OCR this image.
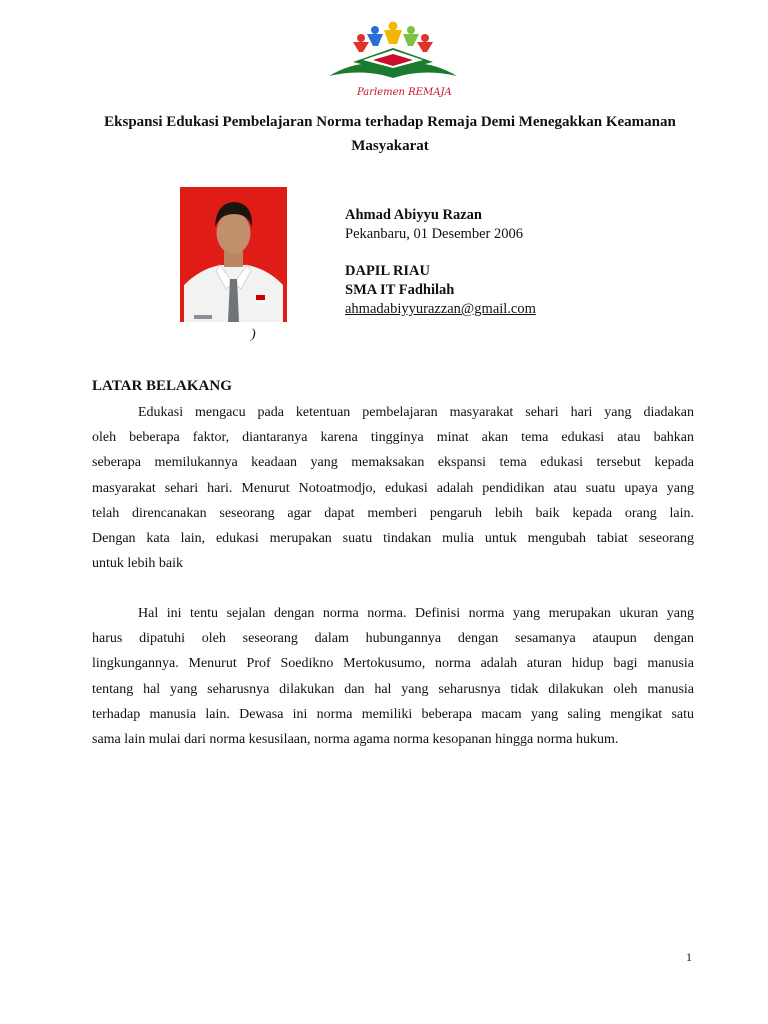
Parlemen REMAJA
Ekspansi Edukasi Pembelajaran Norma terhadap Remaja Demi Menegakkan Keamanan
Masyakarat
)
Ahmad Abiyyu Razan
Pekanbaru, 01 Desember 2006
DAPIL RIAU
SMA IT Fadhilah
ahmadabiyyurazzan@gmail.com
LATAR BELAKANG
Edukasi mengacu pada ketentuan pembelajaran masyarakat sehari hari yang diadakan
oleh beberapa faktor, diantaranya karena tingginya minat akan tema edukasi atau bahkan
seberapa memilukannya keadaan yang memaksakan ekspansi tema edukasi tersebut kepada
masyarakat sehari hari. Menurut Notoatmodjo, edukasi adalah pendidikan atau suatu upaya yang
telah direncanakan seseorang agar dapat memberi pengaruh lebih baik kepada orang lain.
Dengan kata lain, edukasi merupakan suatu tindakan mulia untuk mengubah tabiat seseorang
untuk lebih baik
Hal ini tentu sejalan dengan norma norma. Definisi norma yang merupakan ukuran yang
harus dipatuhi oleh seseorang dalam hubungannya dengan sesamanya ataupun dengan
lingkungannya. Menurut Prof Soedikno Mertokusumo, norma adalah aturan hidup bagi manusia
tentang hal yang seharusnya dilakukan dan hal yang seharusnya tidak dilakukan oleh manusia
terhadap manusia lain. Dewasa ini norma memiliki beberapa macam yang saling mengikat satu
sama lain mulai dari norma kesusilaan, norma agama norma kesopanan hingga norma hukum.
1
